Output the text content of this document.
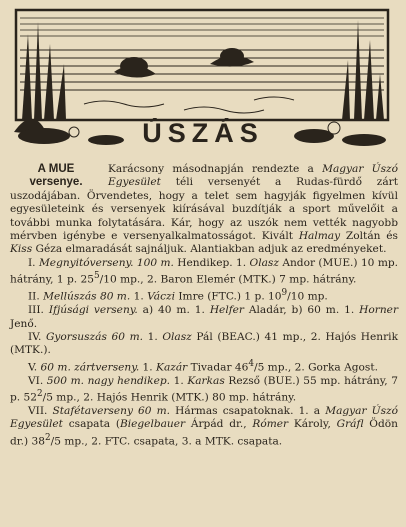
ÚSZÁS
A MUE
versenye.

Karácsony másodnapján rendezte a Magyar Úszó Egyesület téli versenyét a Rudas-fürdő zárt uszodájában. Örvendetes, hogy a telet sem hagyják figyelmen kívül egyesületeink és versenyek kiírásával buzdítják a sport művelőit a további munka folytatására. Kár, hogy az uszók nem vették nagyobb mérvben igénybe e versenyalkalmatosságot. Kivált Halmay Zoltán és Kiss Géza elmaradását sajnáljuk. Alantiakban adjuk az eredményeket.

I. Megnyitóverseny. 100 m. Hendikep. 1. Olasz Andor (MUE.) 10 mp. hátrány, 1 p. $25^5/10$ mp., 2. Baron Elemér (MTK.) 7 mp. hátrány.

II. Mellúszás 80 m. 1. Váczi Imre (FTC.) 1 p. $10^9/10$ mp.

III. Ifjúsági verseny. a) 40 m. 1. Helfer Aladár, b) 60 m. 1. Horner Jenő.

IV. Gyorsuszás 60 m. 1. Olasz Pál (BEAC.) 41 mp., 2. Hajós Henrik (MTK.).

V. 60 m. zártverseny. 1. Kazár Tivadar $46^4/5$ mp., 2. Gorka Agost.

VI. 500 m. nagy hendikep. 1. Karkas Rezső (BUE.) 55 mp. hátrány, 7 p. $52^2/5$ mp., 2. Hajós Henrik (MTK.) 80 mp. hátrány.

VII. Stafétaverseny 60 m. Hármas csapatoknak. 1. a Magyar Úszó Egyesület csapata (Biegelbauer Árpád dr., Rómer Károly, Gráfl Ödön dr.) $38^2/5$ mp., 2. FTC. csapata, 3. a MTK. csapata.
